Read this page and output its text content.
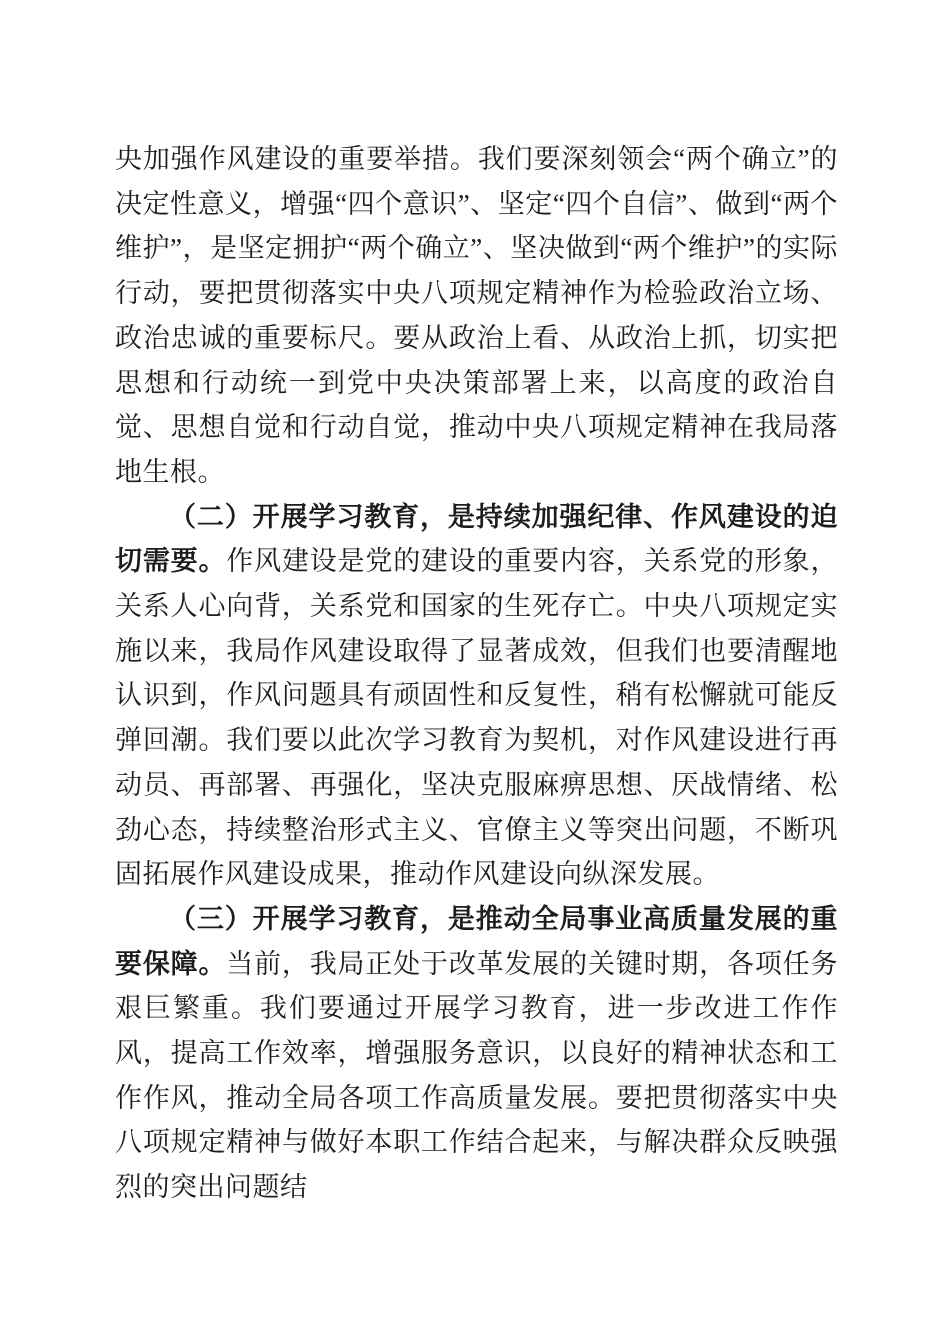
央加强作风建设的重要举措。我们要深刻领会“两个确立”的决定性意义，增强“四个意识”、坚定“四个自信”、做到“两个维护”，是坚定拥护“两个确立”、坚决做到“两个维护”的实际行动，要把贯彻落实中央八项规定精神作为检验政治立场、政治忠诚的重要标尺。要从政治上看、从政治上抓，切实把思想和行动统一到党中央决策部署上来，以高度的政治自觉、思想自觉和行动自觉，推动中央八项规定精神在我局落地生根。

（二）开展学习教育，是持续加强纪律、作风建设的迫切需要。作风建设是党的建设的重要内容，关系党的形象，关系人心向背，关系党和国家的生死存亡。中央八项规定实施以来，我局作风建设取得了显著成效，但我们也要清醒地认识到，作风问题具有顽固性和反复性，稍有松懈就可能反弹回潮。我们要以此次学习教育为契机，对作风建设进行再动员、再部署、再强化，坚决克服麻痹思想、厌战情绪、松劲心态，持续整治形式主义、官僚主义等突出问题，不断巩固拓展作风建设成果，推动作风建设向纵深发展。

（三）开展学习教育，是推动全局事业高质量发展的重要保障。当前，我局正处于改革发展的关键时期，各项任务艰巨繁重。我们要通过开展学习教育，进一步改进工作作风，提高工作效率，增强服务意识，以良好的精神状态和工作作风，推动全局各项工作高质量发展。要把贯彻落实中央八项规定精神与做好本职工作结合起来，与解决群众反映强烈的突出问题结
